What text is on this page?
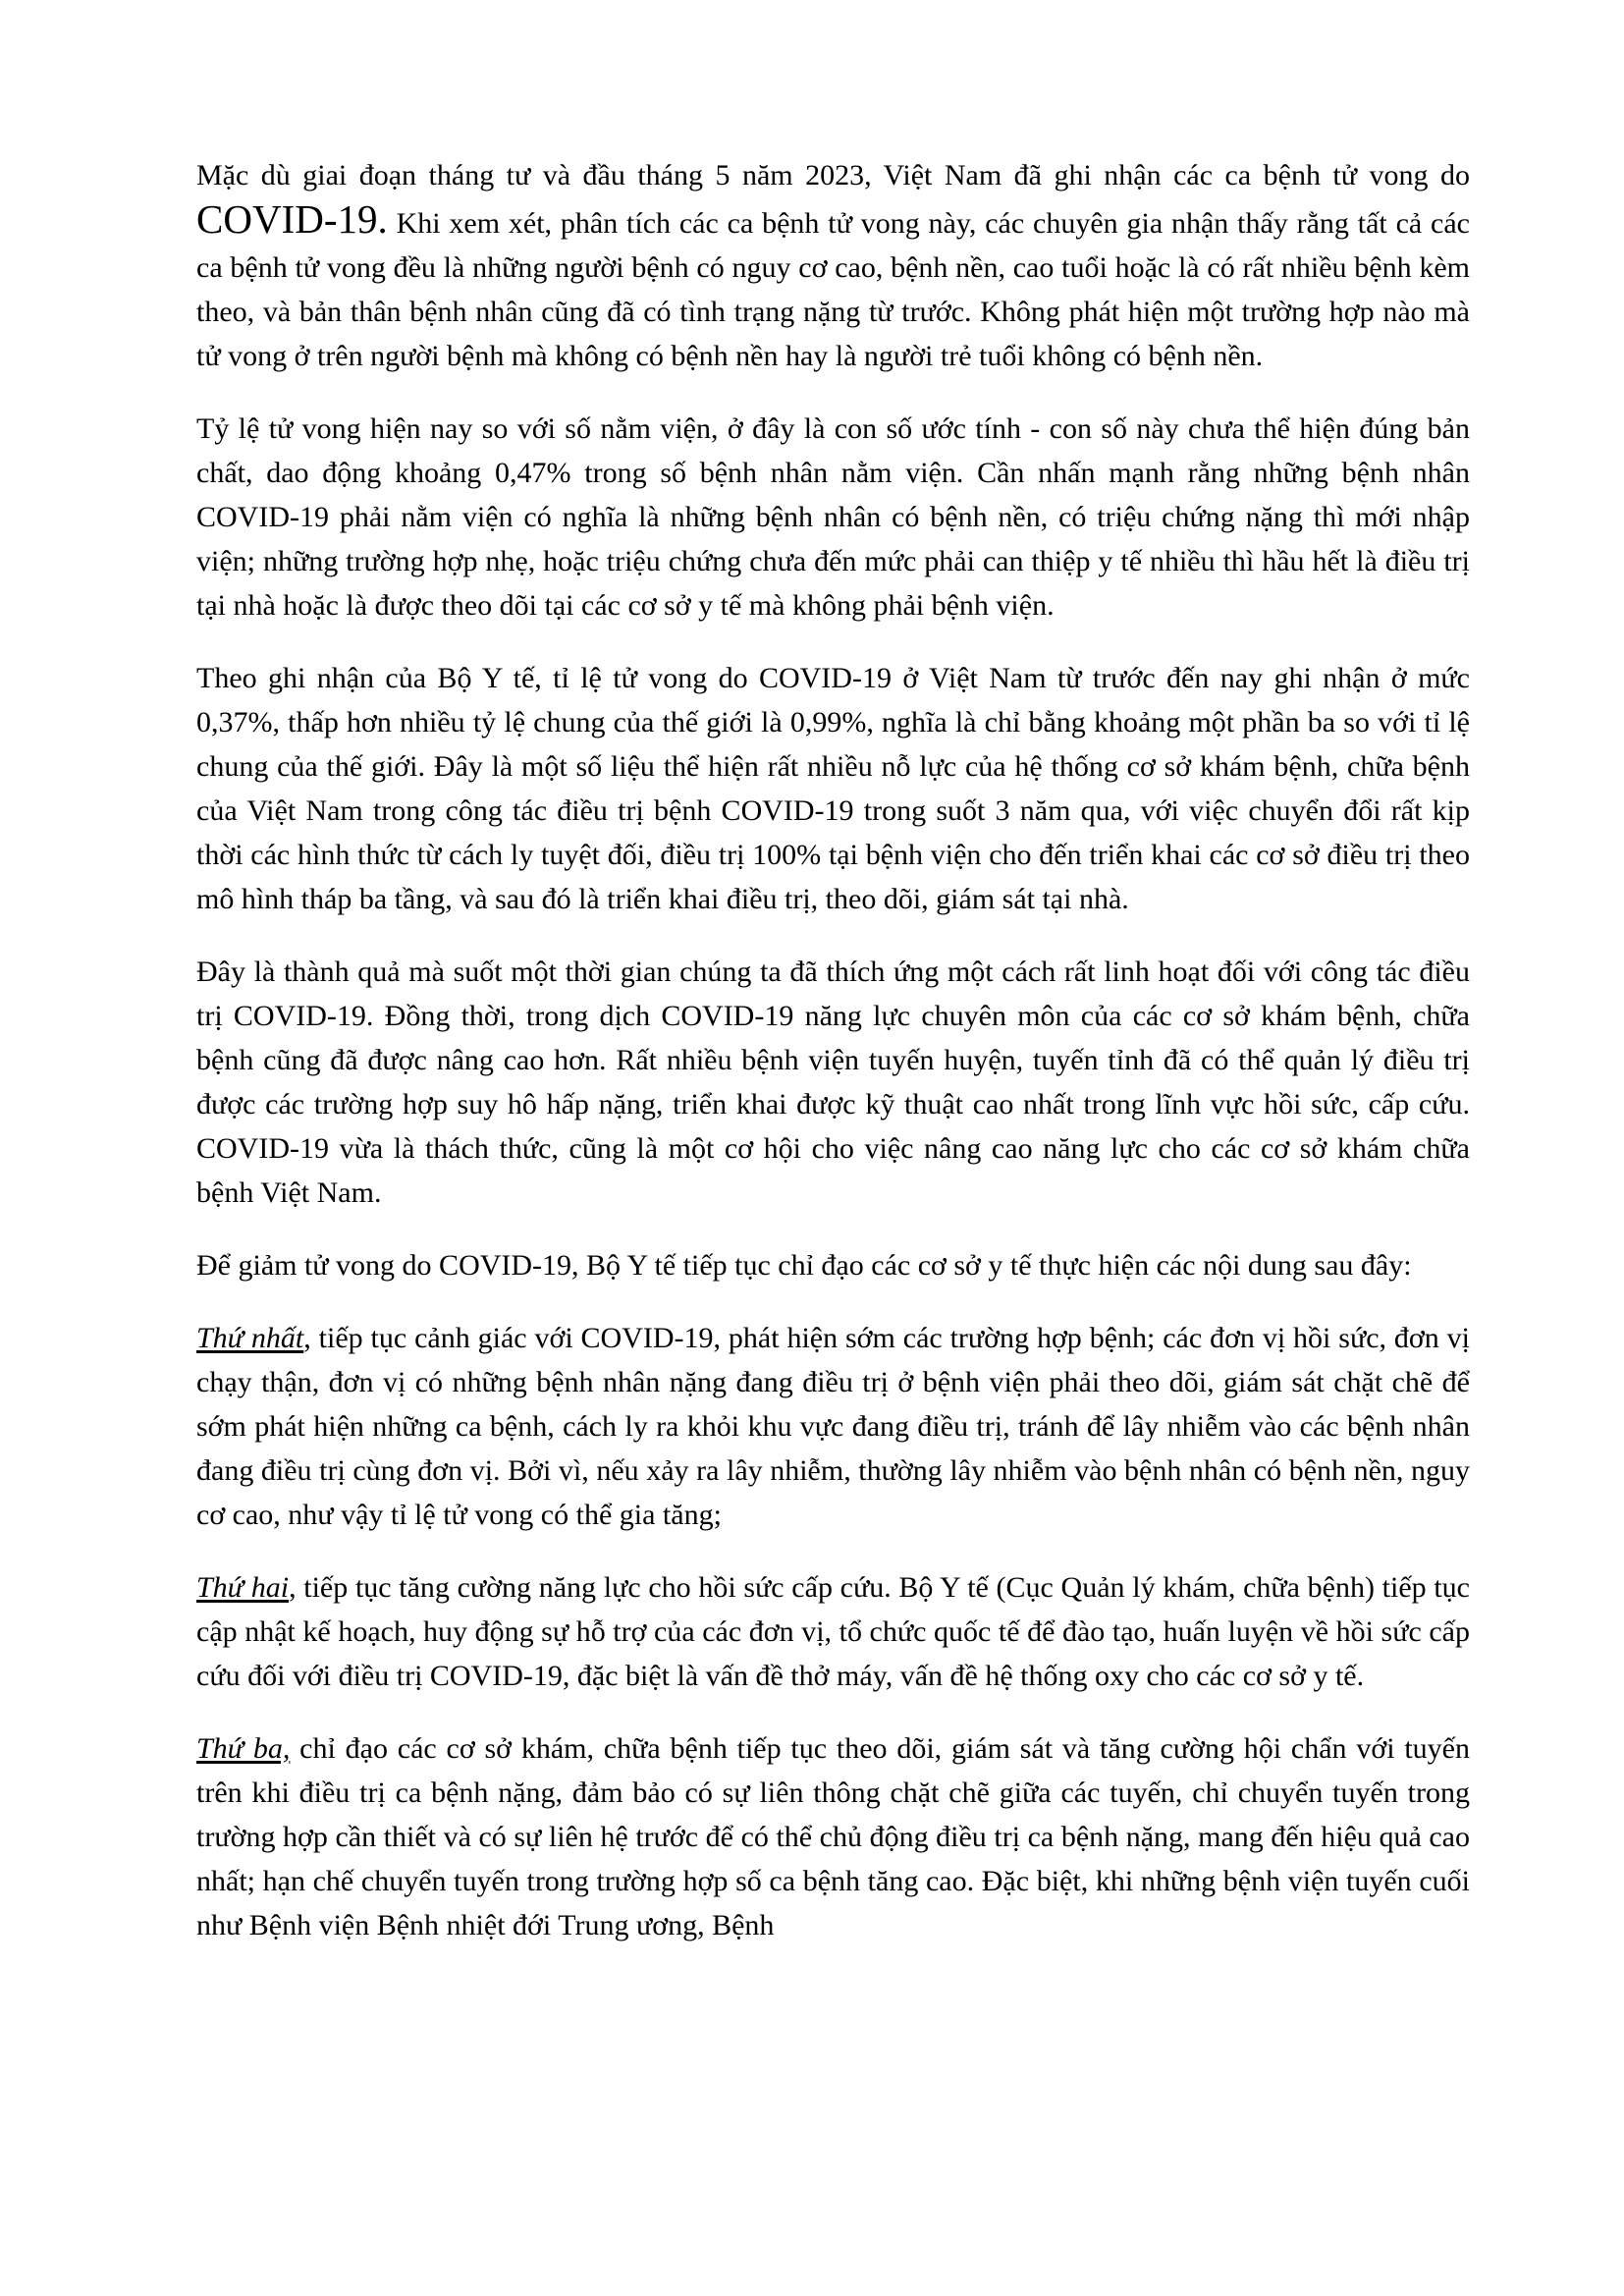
Mặc dù giai đoạn tháng tư và đầu tháng 5 năm 2023, Việt Nam đã ghi nhận các ca bệnh tử vong do COVID-19. Khi xem xét, phân tích các ca bệnh tử vong này, các chuyên gia nhận thấy rằng tất cả các ca bệnh tử vong đều là những người bệnh có nguy cơ cao, bệnh nền, cao tuổi hoặc là có rất nhiều bệnh kèm theo, và bản thân bệnh nhân cũng đã có tình trạng nặng từ trước. Không phát hiện một trường hợp nào mà tử vong ở trên người bệnh mà không có bệnh nền hay là người trẻ tuổi không có bệnh nền.

Tỷ lệ tử vong hiện nay so với số nằm viện, ở đây là con số ước tính - con số này chưa thể hiện đúng bản chất, dao động khoảng 0,47% trong số bệnh nhân nằm viện. Cần nhấn mạnh rằng những bệnh nhân COVID-19 phải nằm viện có nghĩa là những bệnh nhân có bệnh nền, có triệu chứng nặng thì mới nhập viện; những trường hợp nhẹ, hoặc triệu chứng chưa đến mức phải can thiệp y tế nhiều thì hầu hết là điều trị tại nhà hoặc là được theo dõi tại các cơ sở y tế mà không phải bệnh viện.

Theo ghi nhận của Bộ Y tế, tỉ lệ tử vong do COVID-19 ở Việt Nam từ trước đến nay ghi nhận ở mức 0,37%, thấp hơn nhiều tỷ lệ chung của thế giới là 0,99%, nghĩa là chỉ bằng khoảng một phần ba so với tỉ lệ chung của thế giới. Đây là một số liệu thể hiện rất nhiều nỗ lực của hệ thống cơ sở khám bệnh, chữa bệnh của Việt Nam trong công tác điều trị bệnh COVID-19 trong suốt 3 năm qua, với việc chuyển đổi rất kịp thời các hình thức từ cách ly tuyệt đối, điều trị 100% tại bệnh viện cho đến triển khai các cơ sở điều trị theo mô hình tháp ba tầng, và sau đó là triển khai điều trị, theo dõi, giám sát tại nhà.

Đây là thành quả mà suốt một thời gian chúng ta đã thích ứng một cách rất linh hoạt đối với công tác điều trị COVID-19. Đồng thời, trong dịch COVID-19 năng lực chuyên môn của các cơ sở khám bệnh, chữa bệnh cũng đã được nâng cao hơn. Rất nhiều bệnh viện tuyến huyện, tuyến tỉnh đã có thể quản lý điều trị được các trường hợp suy hô hấp nặng, triển khai được kỹ thuật cao nhất trong lĩnh vực hồi sức, cấp cứu. COVID-19 vừa là thách thức, cũng là một cơ hội cho việc nâng cao năng lực cho các cơ sở khám chữa bệnh Việt Nam.

Để giảm tử vong do COVID-19, Bộ Y tế tiếp tục chỉ đạo các cơ sở y tế thực hiện các nội dung sau đây:

Thứ nhất, tiếp tục cảnh giác với COVID-19, phát hiện sớm các trường hợp bệnh; các đơn vị hồi sức, đơn vị chạy thận, đơn vị có những bệnh nhân nặng đang điều trị ở bệnh viện phải theo dõi, giám sát chặt chẽ để sớm phát hiện những ca bệnh, cách ly ra khỏi khu vực đang điều trị, tránh để lây nhiễm vào các bệnh nhân đang điều trị cùng đơn vị. Bởi vì, nếu xảy ra lây nhiễm, thường lây nhiễm vào bệnh nhân có bệnh nền, nguy cơ cao, như vậy tỉ lệ tử vong có thể gia tăng;

Thứ hai, tiếp tục tăng cường năng lực cho hồi sức cấp cứu. Bộ Y tế (Cục Quản lý khám, chữa bệnh) tiếp tục cập nhật kế hoạch, huy động sự hỗ trợ của các đơn vị, tổ chức quốc tế để đào tạo, huấn luyện về hồi sức cấp cứu đối với điều trị COVID-19, đặc biệt là vấn đề thở máy, vấn đề hệ thống oxy cho các cơ sở y tế.

Thứ ba, chỉ đạo các cơ sở khám, chữa bệnh tiếp tục theo dõi, giám sát và tăng cường hội chẩn với tuyến trên khi điều trị ca bệnh nặng, đảm bảo có sự liên thông chặt chẽ giữa các tuyến, chỉ chuyển tuyến trong trường hợp cần thiết và có sự liên hệ trước để có thể chủ động điều trị ca bệnh nặng, mang đến hiệu quả cao nhất; hạn chế chuyển tuyến trong trường hợp số ca bệnh tăng cao. Đặc biệt, khi những bệnh viện tuyến cuối như Bệnh viện Bệnh nhiệt đới Trung ương, Bệnh
